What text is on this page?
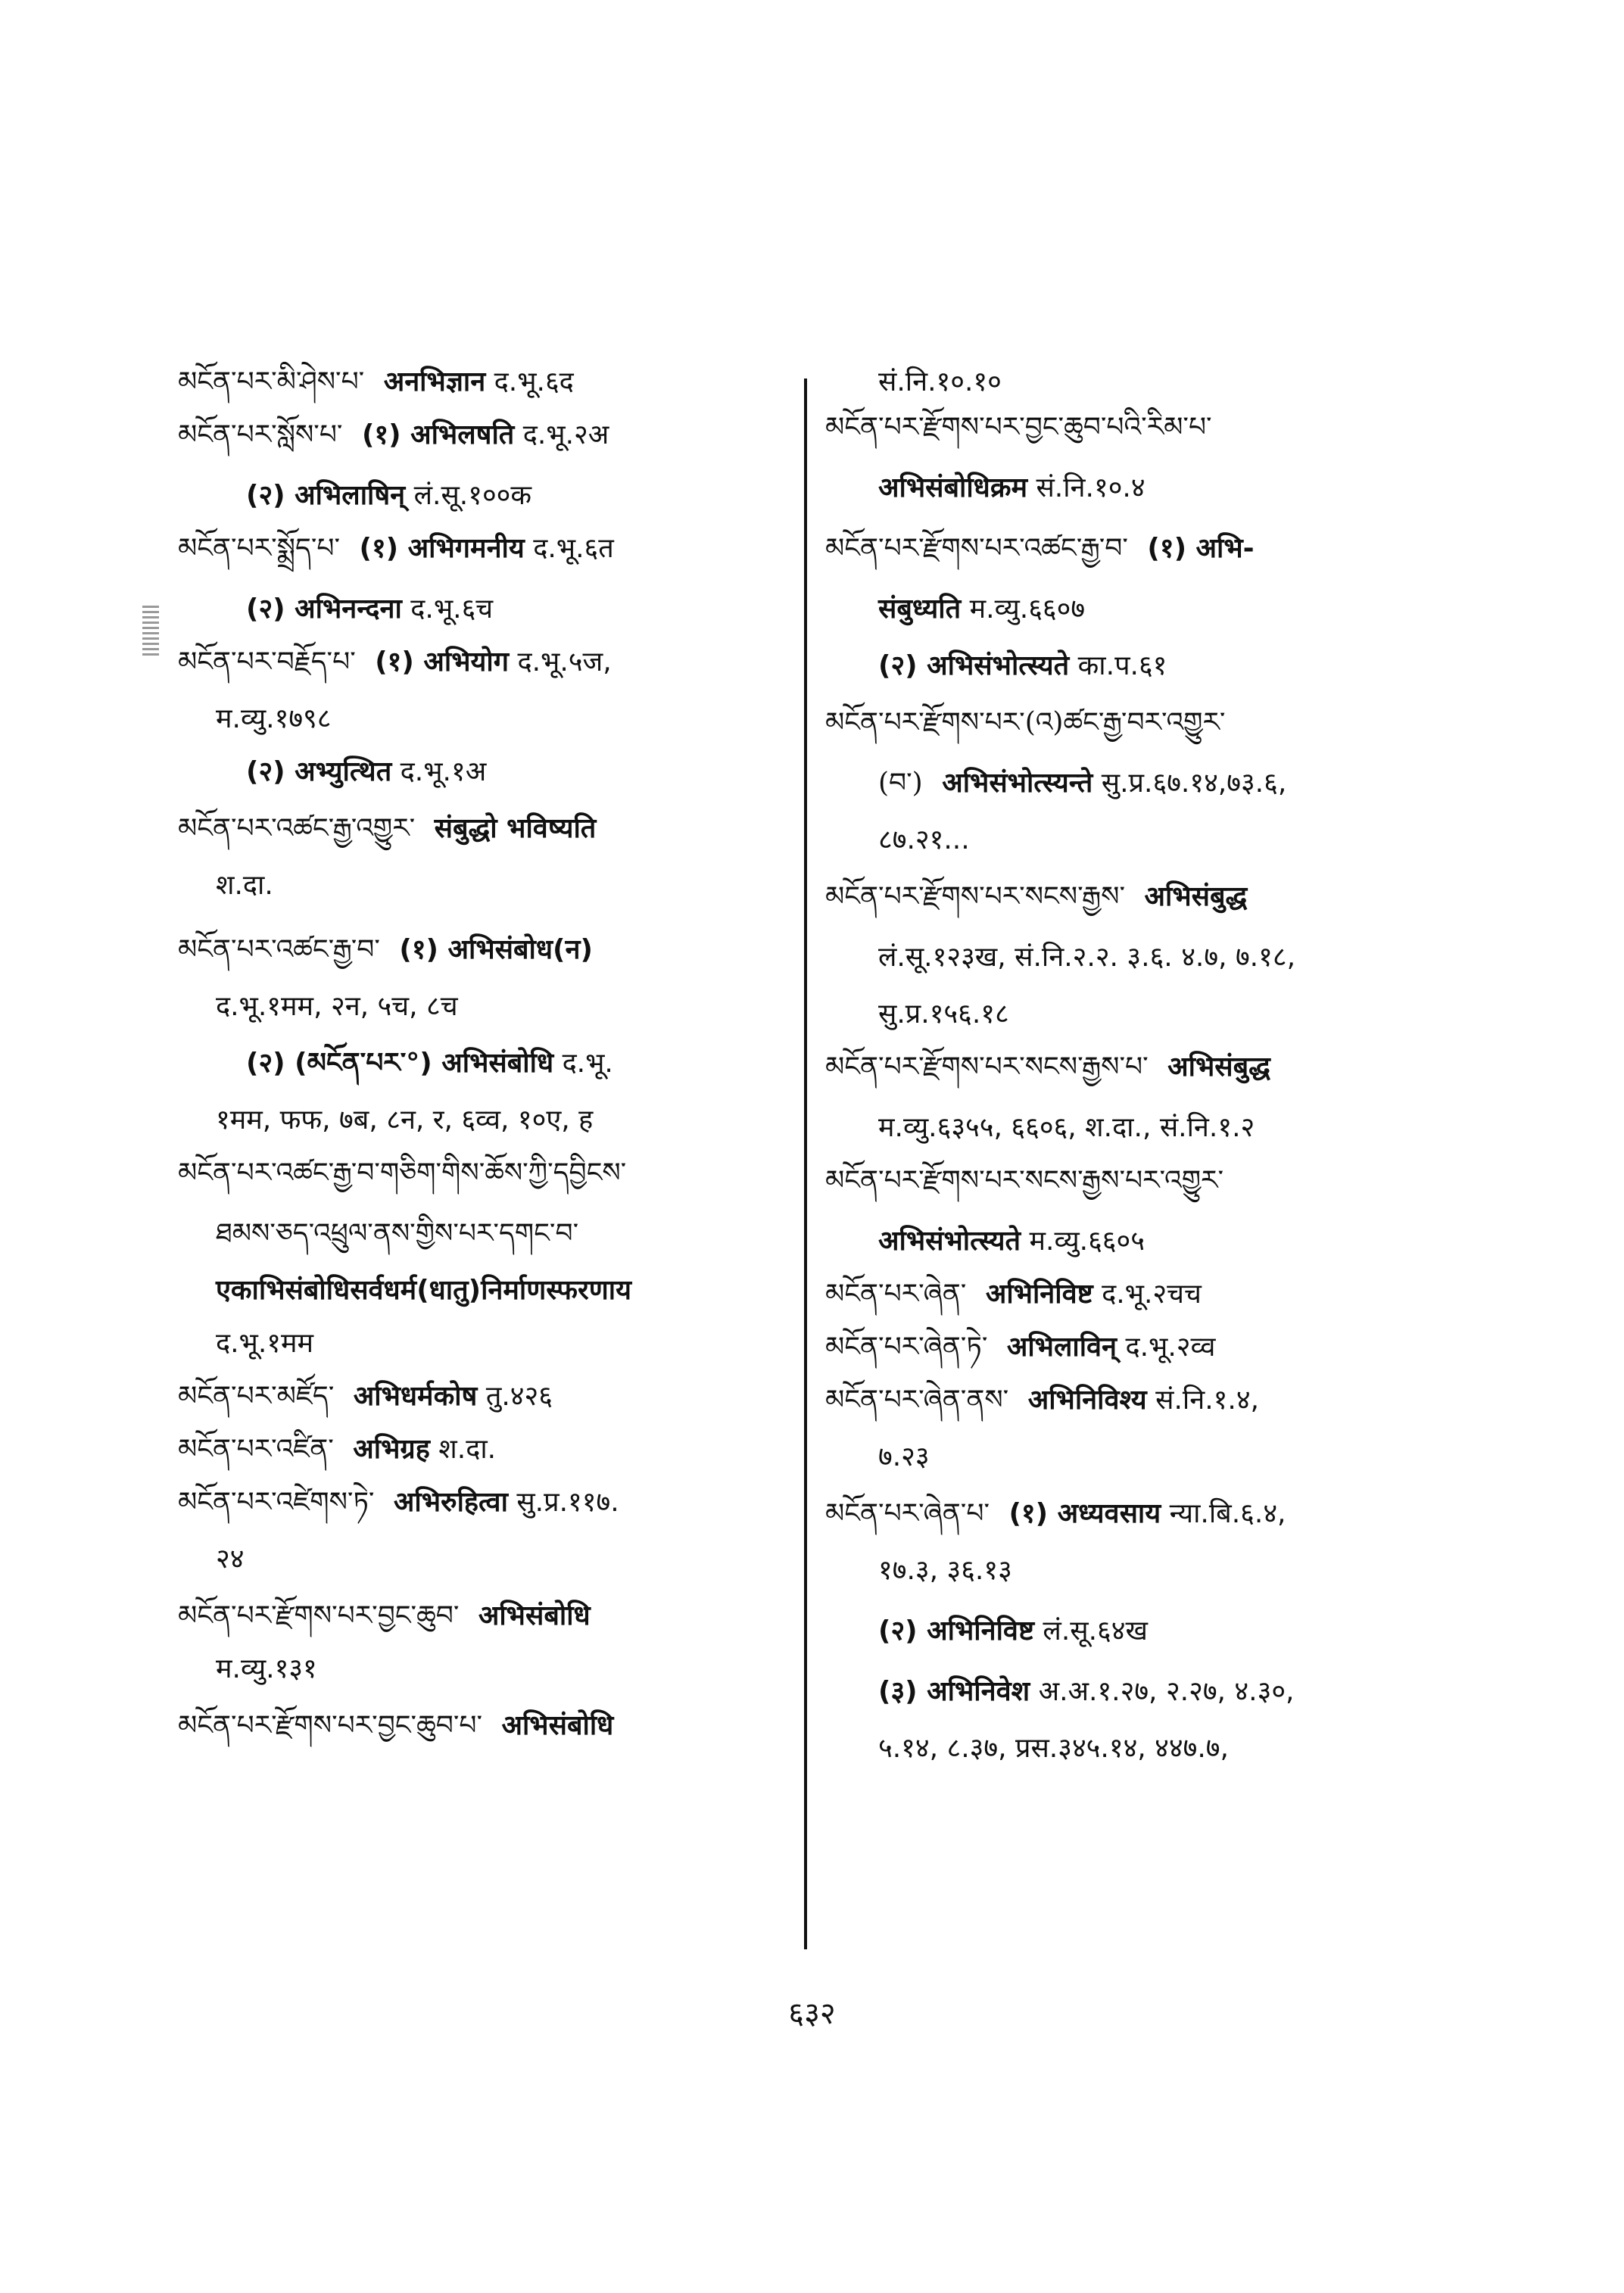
མངོན་པར་མི་ཤེས་པ་ अनभिज्ञान द.भू.६द
མངོན་པར་སློས་པ་ (१) अभिलषति द.भू.२अ
(२) अभिलाषिन् लं.सू.१००क
མངོན་པར་སྨྲོད་པ་ (१) अभिगमनीय द.भू.६त
(२) अभिनन्दना द.भू.६च
མངོན་པར་བརྗོད་པ་ (१) अभियोग द.भू.५ज,
म.व्यु.१७९८
(२) अभ्युत्थित द.भू.१अ
མངོན་པར་འཚང་རྒྱ་འགྱུར་ संबुद्धो भविष्यति
श.दा.
མངོན་པར་འཚང་རྒྱ་བ་ (१) अभिसंबोध(न)
द.भू.१मम, २न, ५च, ८च
(२) (མངོན་པར་°) अभिसंबोधि द.भू.
१मम, फफ, ७ब, ८न, र, ६व्व, १०ए, ह
མངོན་པར་འཚང་རྒྱ་བ་གཅིག་གིས་ཆོས་ཀྱི་དབྱིངས་
ཐམས་ཅད་འཕྲུལ་ནས་གྱིས་པར་དགང་བ་
एकाभिसंबोधिसर्वधर्म(धातु)निर्माणस्फरणाय
द.भू.१मम
མངོན་པར་མཛོད་ अभिधर्मकोष तु.४२६
མངོན་པར་འཛིན་ अभिग्रह श.दा.
མངོན་པར་འཛེགས་ཏེ་ अभिरुहित्वा सु.प्र.११७.
२४
མངོན་པར་རྫོགས་པར་བྱང་ཆུབ་ अभिसंबोधि
म.व्यु.१३१
མངོན་པར་རྫོགས་པར་བྱང་ཆུབ་པ་ अभिसंबोधि
सं.नि.१०.१०
མངོན་པར་རྫོགས་པར་བྱང་ཆུབ་པའི་རིམ་པ་
अभिसंबोधिक्रम सं.नि.१०.४
མངོན་པར་རྫོགས་པར་འཚང་རྒྱ་བ་ (१) अभि-
संबुध्यति म.व्यु.६६०७
(२) अभिसंभोत्स्यते का.प.६१
མངོན་པར་རྫོགས་པར་(འ)ཚང་རྒྱ་བར་འགྱུར་
(བ་) अभिसंभोत्स्यन्ते सु.प्र.६७.१४,७३.६,
८७.२१...
མངོན་པར་རྫོགས་པར་སངས་རྒྱས་ अभिसंबुद्ध
लं.सू.१२३ख, सं.नि.२.२. ३.६. ४.७, ७.१८,
सु.प्र.१५६.१८
མངོན་པར་རྫོགས་པར་སངས་རྒྱས་པ་ अभिसंबुद्ध
म.व्यु.६३५५, ६६०६, श.दा., सं.नि.१.२
མངོན་པར་རྫོགས་པར་སངས་རྒྱས་པར་འགྱུར་
अभिसंभोत्स्यते म.व्यु.६६०५
མངོན་པར་ཞེན་ अभिनिविष्ट द.भू.२चच
མངོན་པར་ཞེན་ཏེ་ अभिलाविन् द.भू.२व्व
མངོན་པར་ཞེན་ནས་ अभिनिविश्य सं.नि.१.४,
७.२३
མངོན་པར་ཞེན་པ་ (१) अध्यवसाय न्या.बि.६.४,
१७.३, ३६.१३
(२) अभिनिविष्ट लं.सू.६४ख
(३) अभिनिवेश अ.अ.१.२७, २.२७, ४.३०,
५.१४, ८.३७, प्रस.३४५.१४, ४४७.७,
६३२
